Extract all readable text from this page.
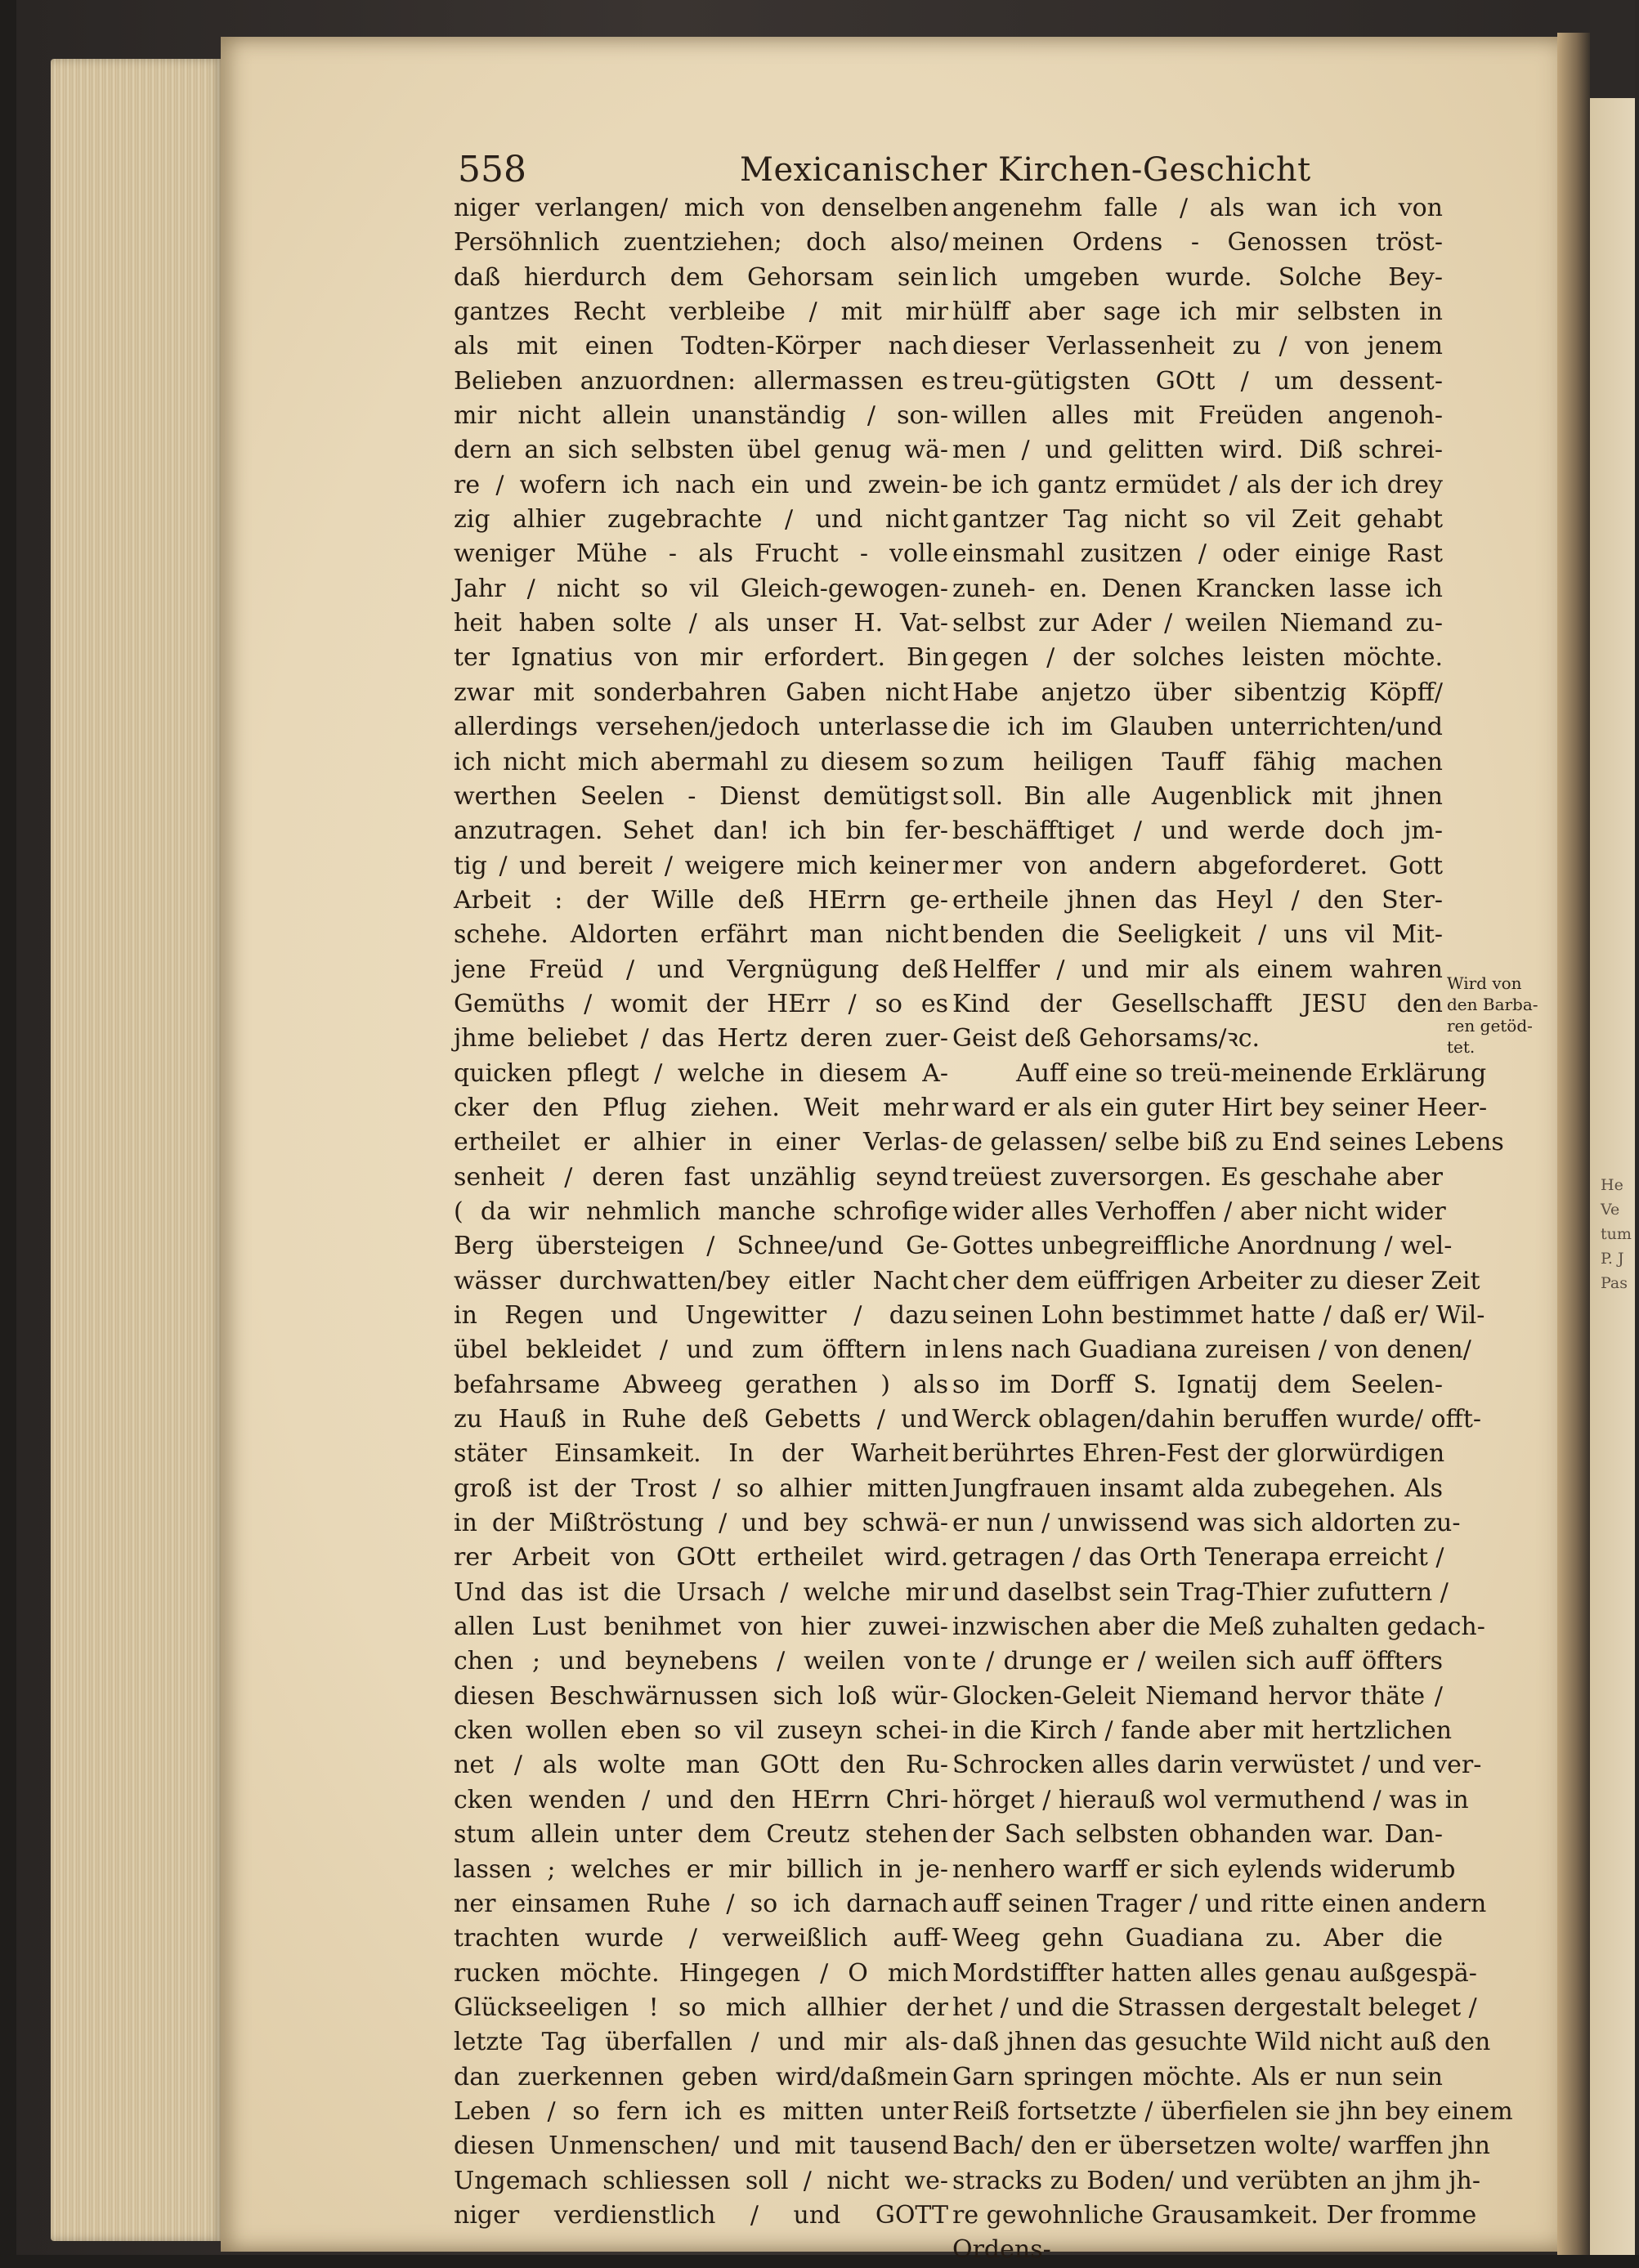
He
Ve
tum
P. J
Pas
558	Mexicanischer Kirchen-Geschicht
niger verlangen/ mich von denselben
Persöhnlich zuentziehen; doch also/
daß hierdurch dem Gehorsam sein
gantzes Recht verbleibe / mit mir
als mit einen Todten-Körper nach
Belieben anzuordnen: allermassen es
mir nicht allein unanständig / son-
dern an sich selbsten übel genug wä-
re / wofern ich nach ein und zwein-
zig alhier zugebrachte / und nicht
weniger Mühe - als Frucht - volle
Jahr / nicht so vil Gleich-gewogen-
heit haben solte / als unser H. Vat-
ter Ignatius von mir erfordert. Bin
zwar mit sonderbahren Gaben nicht
allerdings versehen/jedoch unterlasse
ich nicht mich abermahl zu diesem so
werthen Seelen - Dienst demütigst
anzutragen. Sehet dan! ich bin fer-
tig / und bereit / weigere mich keiner
Arbeit : der Wille deß HErrn ge-
schehe. Aldorten erfährt man nicht
jene Freüd / und Vergnügung deß
Gemüths / womit der HErr / so es
jhme beliebet / das Hertz deren zuer-
quicken pflegt / welche in diesem A-
cker den Pflug ziehen. Weit mehr
ertheilet er alhier in einer Verlas-
senheit / deren fast unzählig seynd
( da wir nehmlich manche schrofige
Berg übersteigen / Schnee/und Ge-
wässer durchwatten/bey eitler Nacht
in Regen und Ungewitter / dazu
übel bekleidet / und zum öfftern in
befahrsame Abweeg gerathen ) als
zu Hauß in Ruhe deß Gebetts / und
stäter Einsamkeit. In der Warheit
groß ist der Trost / so alhier mitten
in der Mißtröstung / und bey schwä-
rer Arbeit von GOtt ertheilet wird.
Und das ist die Ursach / welche mir
allen Lust benihmet von hier zuwei-
chen ; und beynebens / weilen von
diesen Beschwärnussen sich loß wür-
cken wollen eben so vil zuseyn schei-
net / als wolte man GOtt den Ru-
cken wenden / und den HErrn Chri-
stum allein unter dem Creutz stehen
lassen ; welches er mir billich in je-
ner einsamen Ruhe / so ich darnach
trachten wurde / verweißlich auff-
rucken möchte. Hingegen / O mich
Glückseeligen ! so mich allhier der
letzte Tag überfallen / und mir als-
dan zuerkennen geben wird/daßmein
Leben / so fern ich es mitten unter
diesen Unmenschen/ und mit tausend
Ungemach schliessen soll / nicht we-
niger verdienstlich / und GOTT
angenehm falle / als wan ich von
meinen Ordens - Genossen tröst-
lich umgeben wurde. Solche Bey-
hülff aber sage ich mir selbsten in
dieser Verlassenheit zu / von jenem
treu-gütigsten GOtt / um dessent-
willen alles mit Freüden angenoh-
men / und gelitten wird. Diß schrei-
be ich gantz ermüdet / als der ich drey
gantzer Tag nicht so vil Zeit gehabt
einsmahl zusitzen / oder einige Rast
zuneh- en. Denen Krancken lasse ich
selbst zur Ader / weilen Niemand zu-
gegen / der solches leisten möchte.
Habe anjetzo über sibentzig Köpff/
die ich im Glauben unterrichten/und
zum heiligen Tauff fähig machen
soll. Bin alle Augenblick mit jhnen
beschäfftiget / und werde doch jm-
mer von andern abgeforderet. Gott
ertheile jhnen das Heyl / den Ster-
benden die Seeligkeit / uns vil Mit-
Helffer / und mir als einem wahren
Kind der Gesellschafft JESU den
Geist deß Gehorsams/ꝛc.
Auff eine so treü-meinende Erklärung
ward er als ein guter Hirt bey seiner Heer-
de gelassen/ selbe biß zu End seines Lebens
treüest zuversorgen. Es geschahe aber
wider alles Verhoffen / aber nicht wider
Gottes unbegreiffliche Anordnung / wel-
cher dem eüffrigen Arbeiter zu dieser Zeit
seinen Lohn bestimmet hatte / daß er/ Wil-
lens nach Guadiana zureisen / von denen/
so im Dorff S. Ignatij dem Seelen-
Werck oblagen/dahin beruffen wurde/ offt-
berührtes Ehren-Fest der glorwürdigen
Jungfrauen insamt alda zubegehen. Als
er nun / unwissend was sich aldorten zu-
getragen / das Orth Tenerapa erreicht /
und daselbst sein Trag-Thier zufuttern /
inzwischen aber die Meß zuhalten gedach-
te / drunge er / weilen sich auff öffters
Glocken-Geleit Niemand hervor thäte /
in die Kirch / fande aber mit hertzlichen
Schrocken alles darin verwüstet / und ver-
hörget / hierauß wol vermuthend / was in
der Sach selbsten obhanden war. Dan-
nenhero warff er sich eylends widerumb
auff seinen Trager / und ritte einen andern
Weeg gehn Guadiana zu. Aber die
Mordstiffter hatten alles genau außgespä-
het / und die Strassen dergestalt beleget /
daß jhnen das gesuchte Wild nicht auß den
Garn springen möchte. Als er nun sein
Reiß fortsetzte / überfielen sie jhn bey einem
Bach/ den er übersetzen wolte/ warffen jhn
stracks zu Boden/ und verübten an jhm jh-
re gewohnliche Grausamkeit. Der fromme
Ordens-
Wird von
den Barba-
ren getöd-
tet.
